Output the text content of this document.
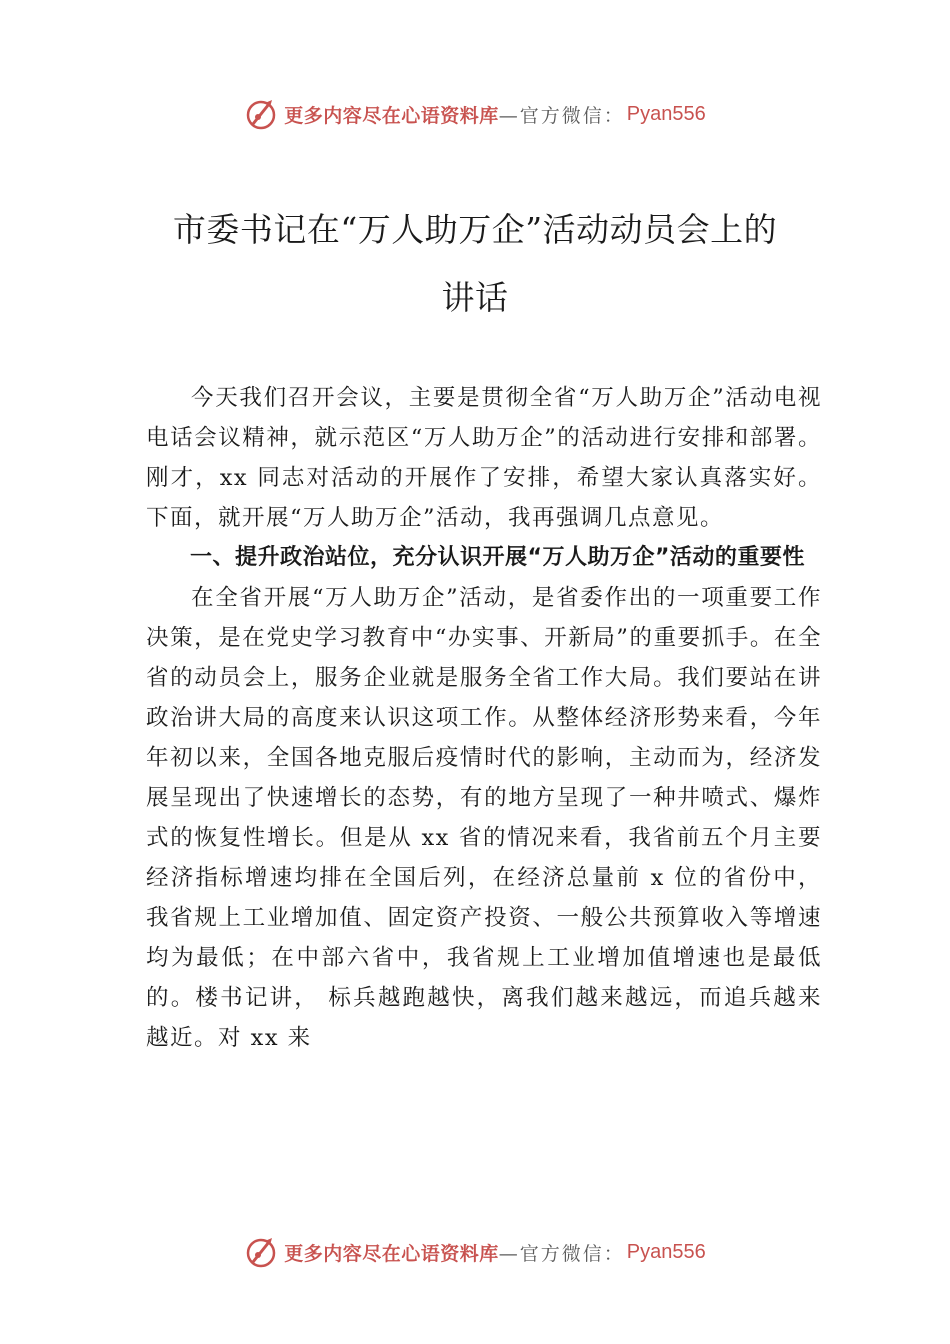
更多内容尽在心语资料库 —官方微信： Pyan556
市委书记在“万人助万企”活动动员会上的
讲话

今天我们召开会议，主要是贯彻全省“万人助万企”活动电视电话会议精神，就示范区“万人助万企”的活动进行安排和部署。刚才，xx 同志对活动的开展作了安排，希望大家认真落实好。下面，就开展“万人助万企”活动，我再强调几点意见。

一、提升政治站位，充分认识开展“万人助万企”活动的重要性

在全省开展“万人助万企”活动，是省委作出的一项重要工作决策，是在党史学习教育中“办实事、开新局”的重要抓手。在全省的动员会上，服务企业就是服务全省工作大局。我们要站在讲政治讲大局的高度来认识这项工作。从整体经济形势来看，今年年初以来，全国各地克服后疫情时代的影响，主动而为，经济发展呈现出了快速增长的态势，有的地方呈现了一种井喷式、爆炸式的恢复性增长。但是从 xx 省的情况来看，我省前五个月主要经济指标增速均排在全国后列，在经济总量前 x 位的省份中，我省规上工业增加值、固定资产投资、一般公共预算收入等增速均为最低；在中部六省中，我省规上工业增加值增速也是最低的。楼书记讲， 标兵越跑越快，离我们越来越远，而追兵越来越近。对 xx 来

更多内容尽在心语资料库 —官方微信： Pyan556
